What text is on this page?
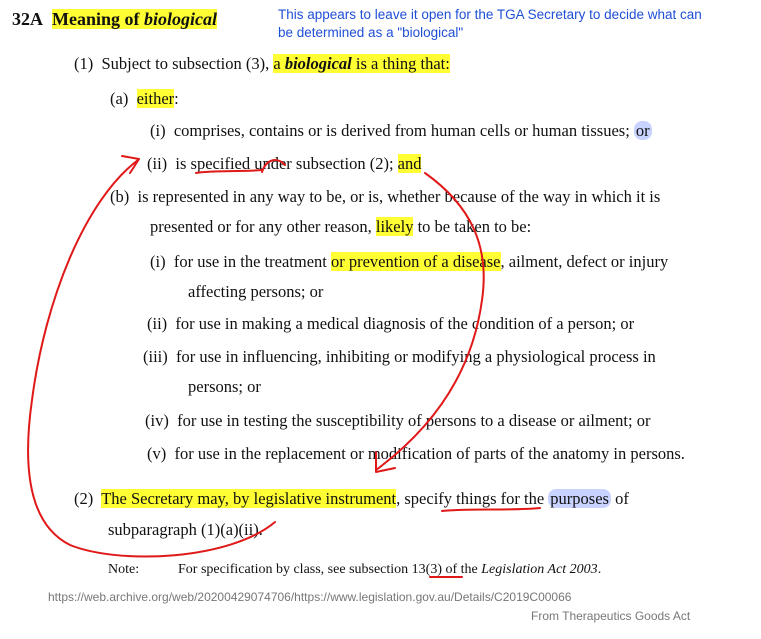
32A Meaning of biological	This appears to leave it open for the TGA Secretary to decide what can
be determined as a "biological"
(1) Subject to subsection (3), a biological is a thing that:
(a) either:
(i) comprises, contains or is derived from human cells or human tissues; or
(ii) is specified under subsection (2); and
(b) is represented in any way to be, or is, whether because of the way in which it is
presented or for any other reason, likely to be taken to be:
(i) for use in the treatment or prevention of a disease, ailment, defect or injury
affecting persons; or
(ii) for use in making a medical diagnosis of the condition of a person; or
(iii) for use in influencing, inhibiting or modifying a physiological process in
persons; or
(iv) for use in testing the susceptibility of persons to a disease or ailment; or
(v) for use in the replacement or modification of parts of the anatomy in persons.
(2) The Secretary may, by legislative instrument, specify things for the purposes of
subparagraph (1)(a)(ii).
Note:	For specification by class, see subsection 13(3) of the Legislation Act 2003.
https://web.archive.org/web/20200429074706/https://www.legislation.gov.au/Details/C2019C00066
From Therapeutics Goods Act
